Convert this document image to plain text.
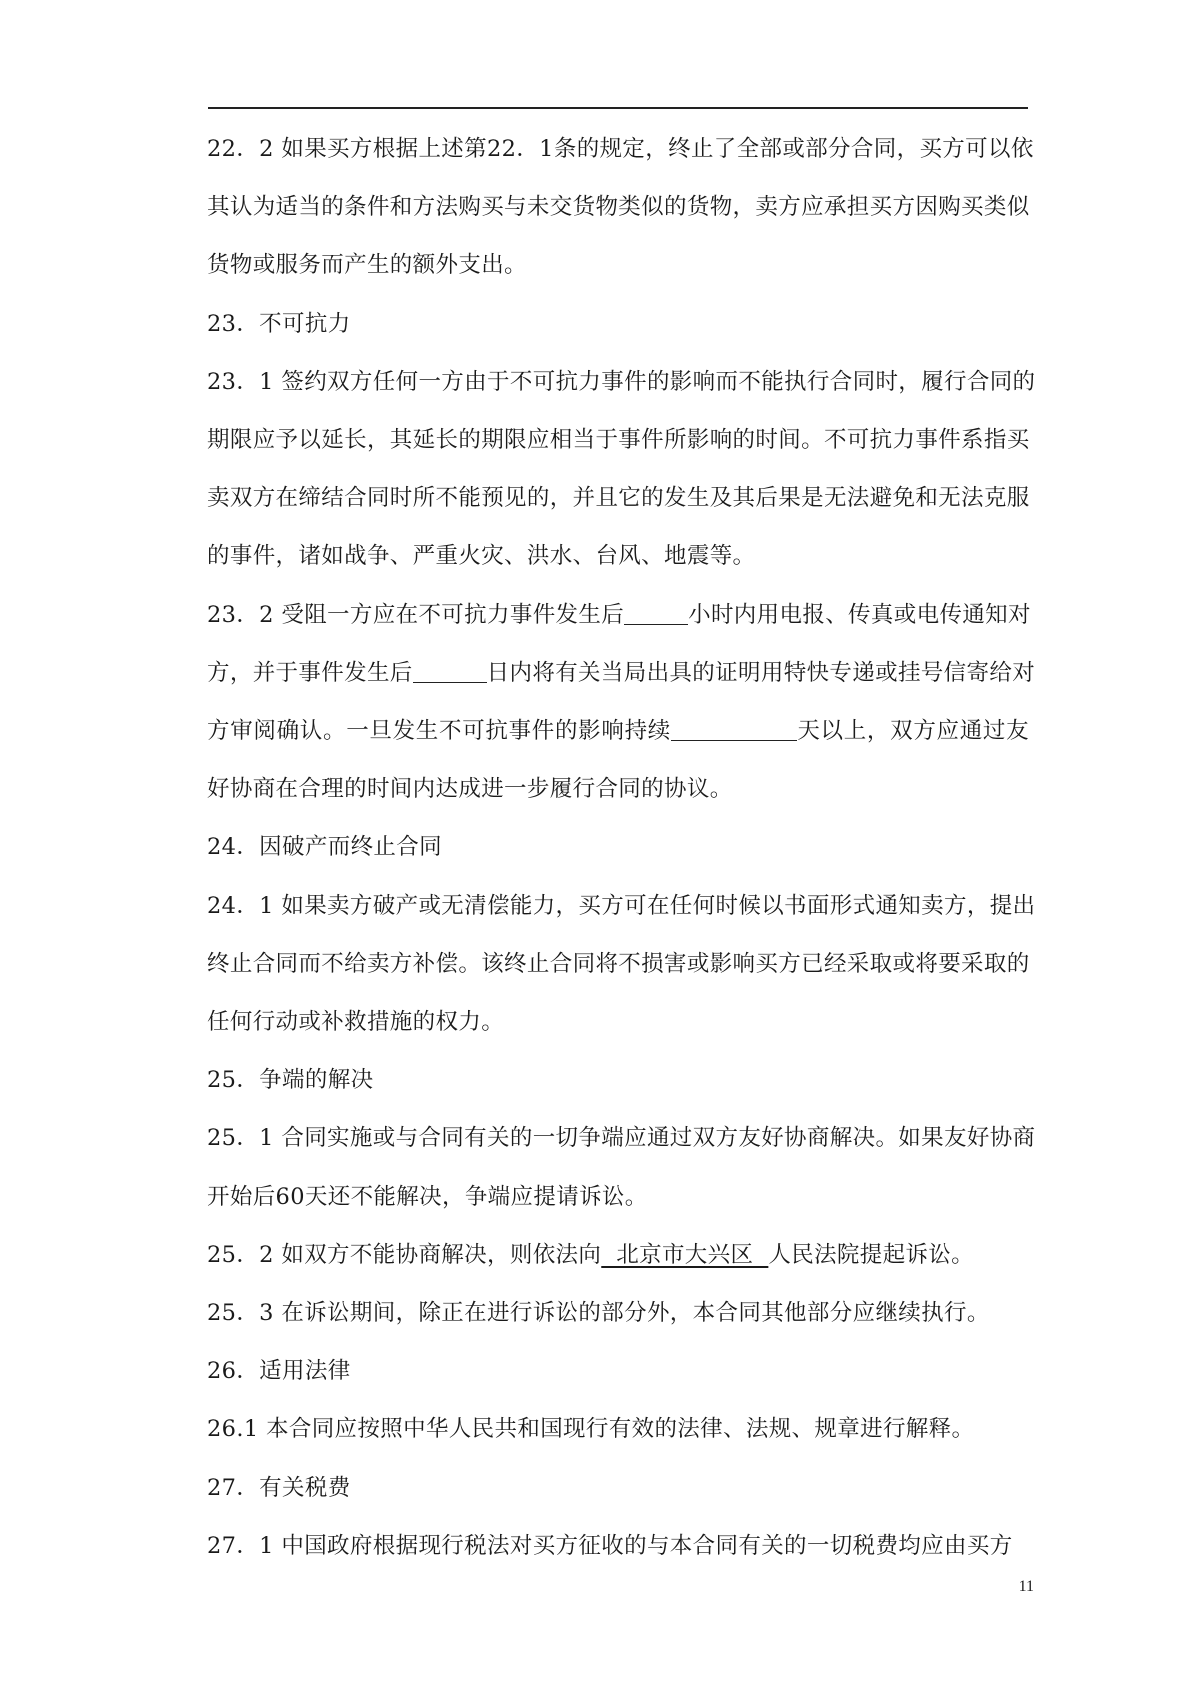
22．2 如果买方根据上述第22．1条的规定，终止了全部或部分合同，买方可以依
其认为适当的条件和方法购买与未交货物类似的货物，卖方应承担买方因购买类似
货物或服务而产生的额外支出。
23．不可抗力
23．1 签约双方任何一方由于不可抗力事件的影响而不能执行合同时，履行合同的
期限应予以延长，其延长的期限应相当于事件所影响的时间。不可抗力事件系指买
卖双方在缔结合同时所不能预见的，并且它的发生及其后果是无法避免和无法克服
的事件，诸如战争、严重火灾、洪水、台风、地震等。
23．2 受阻一方应在不可抗力事件发生后	小时内用电报、传真或电传通知对
方，并于事件发生后	日内将有关当局出具的证明用特快专递或挂号信寄给对
方审阅确认。一旦发生不可抗事件的影响持续	天以上，双方应通过友
好协商在合理的时间内达成进一步履行合同的协议。
24．因破产而终止合同
24．1 如果卖方破产或无清偿能力，买方可在任何时候以书面形式通知卖方，提出
终止合同而不给卖方补偿。该终止合同将不损害或影响买方已经采取或将要采取的
任何行动或补救措施的权力。
25．争端的解决
25．1 合同实施或与合同有关的一切争端应通过双方友好协商解决。如果友好协商
开始后60天还不能解决，争端应提请诉讼。
25．2 如双方不能协商解决，则依法向  北京市大兴区  人民法院提起诉讼。
25．3 在诉讼期间，除正在进行诉讼的部分外，本合同其他部分应继续执行。
26．适用法律
26.1 本合同应按照中华人民共和国现行有效的法律、法规、规章进行解释。
27．有关税费
27．1 中国政府根据现行税法对买方征收的与本合同有关的一切税费均应由买方
11
